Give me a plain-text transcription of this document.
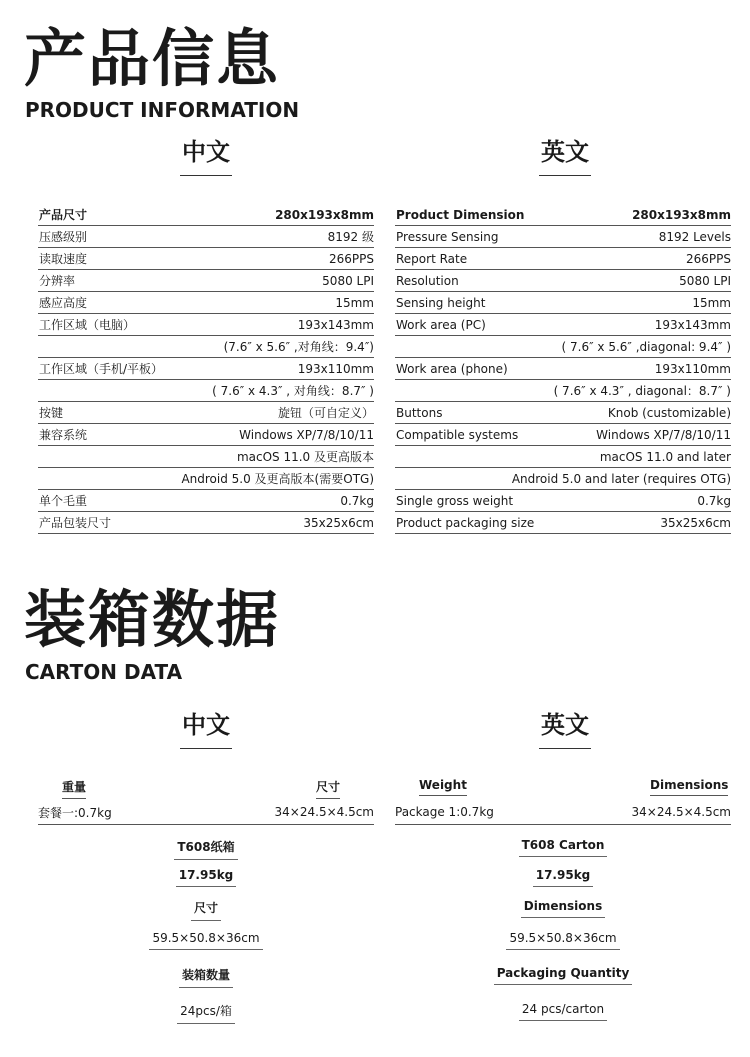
产品信息
PRODUCT INFORMATION
中文	英文
产品尺寸	280x193x8mm
压感级别	8192 级
读取速度	266PPS
分辨率	5080 LPI
感应高度	15mm
工作区域（电脑）	193x143mm
(7.6″ x 5.6″ ,对角线：9.4″)
工作区域（手机/平板）	193x110mm
( 7.6″ x 4.3″ , 对角线：8.7″ )
按键	旋钮（可自定义）
兼容系统	Windows XP/7/8/10/11
macOS 11.0 及更高版本
Android 5.0 及更高版本(需要OTG)
单个毛重	0.7kg
产品包装尺寸	35x25x6cm
Product Dimension	280x193x8mm
Pressure Sensing	8192 Levels
Report Rate	266PPS
Resolution	5080 LPI
Sensing height	15mm
Work area (PC)	193x143mm
( 7.6″ x 5.6″ ,diagonal: 9.4″ )
Work area (phone)	193x110mm
( 7.6″ x 4.3″ , diagonal：8.7″ )
Buttons	Knob (customizable)
Compatible systems	Windows XP/7/8/10/11
macOS 11.0 and later
Android 5.0 and later (requires OTG)
Single gross weight	0.7kg
Product packaging size	35x25x6cm
装箱数据
CARTON DATA
中文	英文
重量	尺寸
套餐一:0.7kg	34×24.5×4.5cm
Weight	Dimensions
Package 1:0.7kg	34×24.5×4.5cm
T608纸箱
17.95kg
尺寸
59.5×50.8×36cm
装箱数量
24pcs/箱
T608 Carton
17.95kg
Dimensions
59.5×50.8×36cm
Packaging Quantity
24 pcs/carton
